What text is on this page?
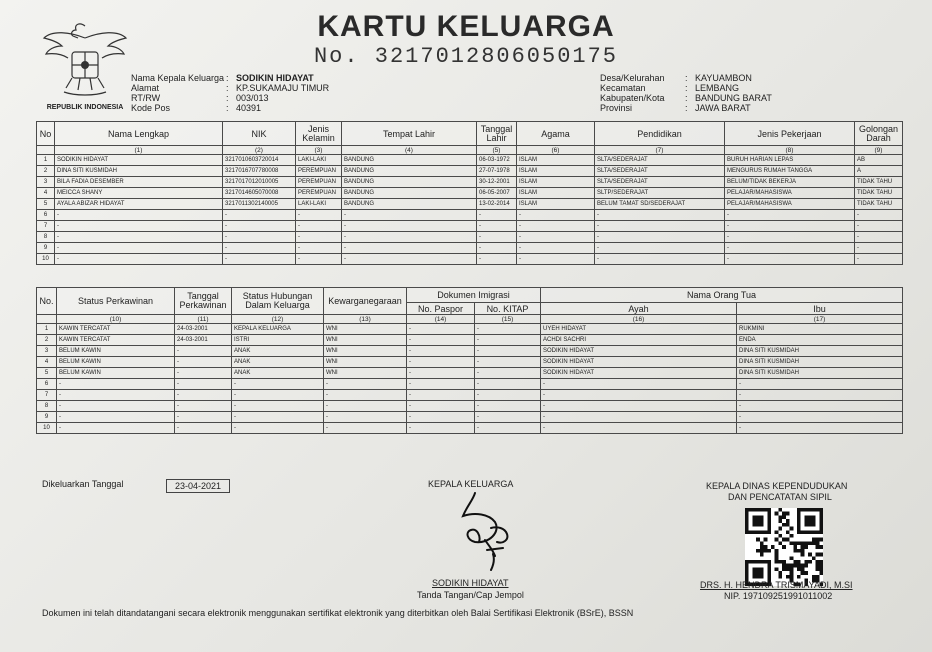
REPUBLIK INDONESIA
KARTU KELUARGA
No. 3217012806050175
Nama Kepala Keluarga : SODIKIN HIDAYAT
Alamat	: KP.SUKAMAJU TIMUR
RT/RW	: 003/013
Kode Pos	: 40391
Desa/Kelurahan	: KAYUAMBON
Kecamatan	: LEMBANG
Kabupaten/Kota	: BANDUNG BARAT
Provinsi	: JAWA BARAT
No	Nama Lengkap	NIK	Jenis Kelamin	Tempat Lahir	Tanggal Lahir	Agama	Pendidikan	Jenis Pekerjaan	Golongan Darah
	(1)	(2)	(3)	(4)	(5)	(6)	(7)	(8)	(9)
1	SODIKIN HIDAYAT	3217010603720014	LAKI-LAKI	BANDUNG	06-03-1972	ISLAM	SLTA/SEDERAJAT	BURUH HARIAN LEPAS	AB
2	DINA SITI KUSMIDAH	3217016707780008	PEREMPUAN	BANDUNG	27-07-1978	ISLAM	SLTA/SEDERAJAT	MENGURUS RUMAH TANGGA	A
3	BILA FADIA DESEMBER	3217017012010005	PEREMPUAN	BANDUNG	30-12-2001	ISLAM	SLTA/SEDERAJAT	BELUM/TIDAK BEKERJA	TIDAK TAHU
4	MEICCA SHANY	3217014605070008	PEREMPUAN	BANDUNG	06-05-2007	ISLAM	SLTP/SEDERAJAT	PELAJAR/MAHASISWA	TIDAK TAHU
5	AYALA ABIZAR HIDAYAT	3217011302140005	LAKI-LAKI	BANDUNG	13-02-2014	ISLAM	BELUM TAMAT SD/SEDERAJAT	PELAJAR/MAHASISWA	TIDAK TAHU
6	-	-	-	-	-	-	-	-	-
7	-	-	-	-	-	-	-	-	-
8	-	-	-	-	-	-	-	-	-
9	-	-	-	-	-	-	-	-	-
10	-	-	-	-	-	-	-	-	-
No.	Status Perkawinan	Tanggal Perkawinan	Status Hubungan Dalam Keluarga	Kewarganegaraan	Dokumen Imigrasi		Nama Orang Tua	
					No. Paspor	No. KITAP	Ayah	Ibu
	(10)	(11)	(12)	(13)	(14)	(15)	(16)	(17)
1	KAWIN TERCATAT	24-03-2001	KEPALA KELUARGA	WNI	-	-	UYEH HIDAYAT	RUKMINI
2	KAWIN TERCATAT	24-03-2001	ISTRI	WNI	-	-	ACHDI SACHRI	ENDA
3	BELUM KAWIN	-	ANAK	WNI	-	-	SODIKIN HIDAYAT	DINA SITI KUSMIDAH
4	BELUM KAWIN	-	ANAK	WNI	-	-	SODIKIN HIDAYAT	DINA SITI KUSMIDAH
5	BELUM KAWIN	-	ANAK	WNI	-	-	SODIKIN HIDAYAT	DINA SITI KUSMIDAH
6	-	-	-	-	-	-	-	-
7	-	-	-	-	-	-	-	-
8	-	-	-	-	-	-	-	-
9	-	-	-	-	-	-	-	-
10	-	-	-	-	-	-	-	-
Dikeluarkan Tanggal	23-04-2021	KEPALA KELUARGA
SODIKIN HIDAYAT
Tanda Tangan/Cap Jempol
KEPALA DINAS KEPENDUDUKAN
DAN PENCATATAN SIPIL
DRS. H. HENDRA TRISMAYADI, M.SI
NIP. 197109251991011002
Dokumen ini telah ditandatangani secara elektronik menggunakan sertifikat elektronik yang diterbitkan oleh Balai Sertifikasi Elektronik (BSrE), BSSN
